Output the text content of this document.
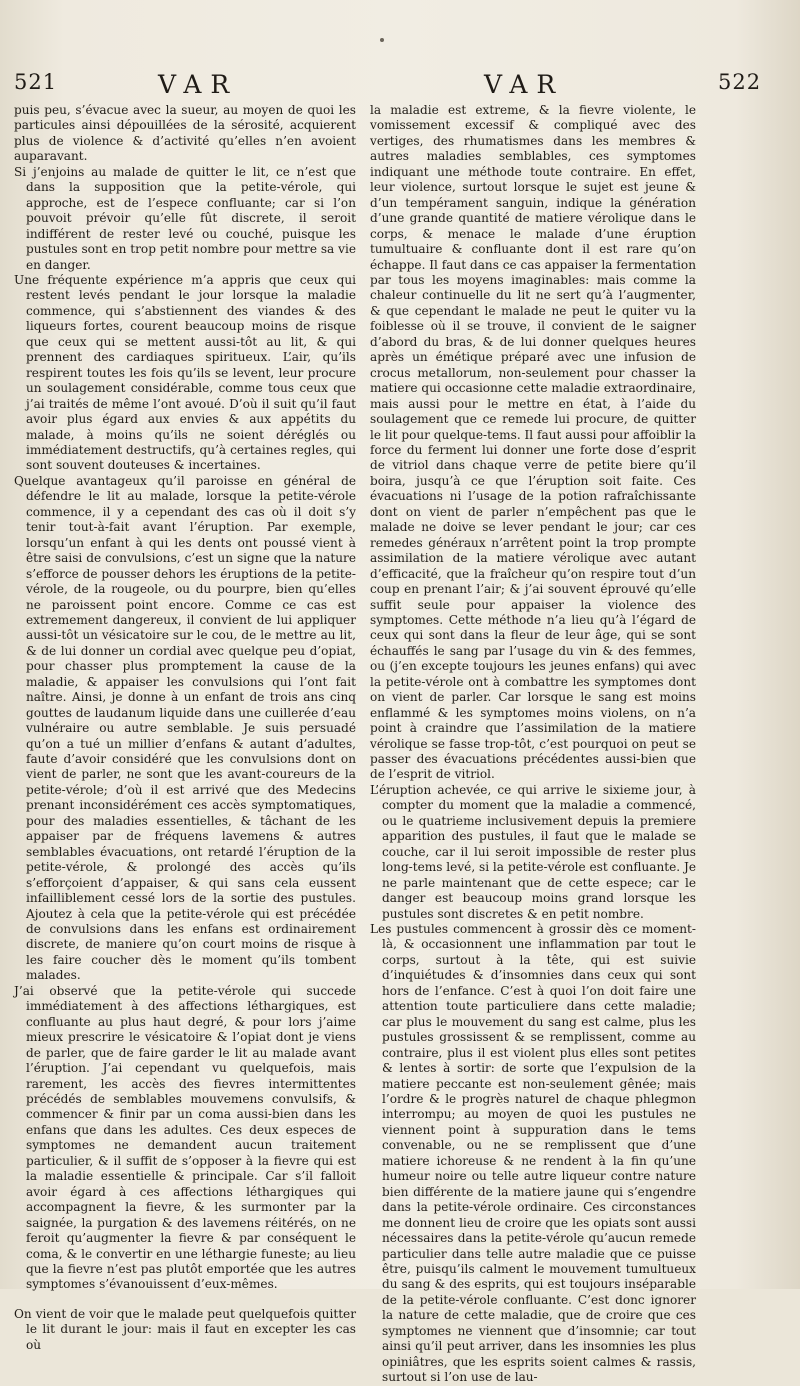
521	VAR	VAR	522

puis peu, s’évacue avec la sueur, au moyen de quoi les particules ainsi dépouillées de la sérosité, acquierent plus de violence & d’activité qu’elles n’en avoient auparavant.

Si j’enjoins au malade de quitter le lit, ce n’est que dans la supposition que la petite-vérole, qui approche, est de l’espece confluante; car si l’on pouvoit prévoir qu’elle fût discrete, il seroit indifférent de rester levé ou couché, puisque les pustules sont en trop petit nombre pour mettre sa vie en danger.

Une fréquente expérience m’a appris que ceux qui restent levés pendant le jour lorsque la maladie commence, qui s’abstiennent des viandes & des liqueurs fortes, courent beaucoup moins de risque que ceux qui se mettent aussi-tôt au lit, & qui prennent des cardiaques spiritueux. L’air, qu’ils respirent toutes les fois qu’ils se levent, leur procure un soulagement considérable, comme tous ceux que j’ai traités de même l’ont avoué. D’où il suit qu’il faut avoir plus égard aux envies & aux appétits du malade, à moins qu’ils ne soient déréglés ou immédiatement destructifs, qu’à certaines regles, qui sont souvent douteuses & incertaines.

Quelque avantageux qu’il paroisse en général de défendre le lit au malade, lorsque la petite-vérole commence, il y a cependant des cas où il doit s’y tenir tout-à-fait avant l’éruption. Par exemple, lorsqu’un enfant à qui les dents ont poussé vient à être saisi de convulsions, c’est un signe que la nature s’efforce de pousser dehors les éruptions de la petite-vérole, de la rougeole, ou du pourpre, bien qu’elles ne paroissent point encore. Comme ce cas est extremement dangereux, il convient de lui appliquer aussi-tôt un vésicatoire sur le cou, de le mettre au lit, & de lui donner un cordial avec quelque peu d’opiat, pour chasser plus promptement la cause de la maladie, & appaiser les convulsions qui l’ont fait naître. Ainsi, je donne à un enfant de trois ans cinq gouttes de laudanum liquide dans une cuillerée d’eau vulnéraire ou autre semblable. Je suis persuadé qu’on a tué un millier d’enfans & autant d’adultes, faute d’avoir considéré que les convulsions dont on vient de parler, ne sont que les avant-coureurs de la petite-vérole; d’où il est arrivé que des Medecins prenant inconsidérément ces accès symptomatiques, pour des maladies essentielles, & tâchant de les appaiser par de fréquens lavemens & autres semblables évacuations, ont retardé l’éruption de la petite-vérole, & prolongé des accès qu’ils s’efforçoient d’appaiser, & qui sans cela eussent infailliblement cessé lors de la sortie des pustules. Ajoutez à cela que la petite-vérole qui est précédée de convulsions dans les enfans est ordinairement discrete, de maniere qu’on court moins de risque à les faire coucher dès le moment qu’ils tombent malades.

J’ai observé que la petite-vérole qui succede immédiatement à des affections léthargiques, est confluante au plus haut degré, & pour lors j’aime mieux prescrire le vésicatoire & l’opiat dont je viens de parler, que de faire garder le lit au malade avant l’éruption. J’ai cependant vu quelquefois, mais rarement, les accès des fievres intermittentes précédés de semblables mouvemens convulsifs, & commencer & finir par un coma aussi-bien dans les enfans que dans les adultes. Ces deux especes de symptomes ne demandent aucun traitement particulier, & il suffit de s’opposer à la fievre qui est la maladie essentielle & principale. Car s’il falloit avoir égard à ces affections léthargiques qui accompagnent la fievre, & les surmonter par la saignée, la purgation & des lavemens réitérés, on ne feroit qu’augmenter la fievre & par conséquent le coma, & le convertir en une léthargie funeste; au lieu que la fievre n’est pas plutôt emportée que les autres symptomes s’évanouissent d’eux-mêmes.

On vient de voir que le malade peut quelquefois quitter le lit durant le jour: mais il faut en excepter les cas où

la maladie est extreme, & la fievre violente, le vomissement excessif & compliqué avec des vertiges, des rhumatismes dans les membres & autres maladies semblables, ces symptomes indiquant une méthode toute contraire. En effet, leur violence, surtout lorsque le sujet est jeune & d’un tempérament sanguin, indique la génération d’une grande quantité de matiere vérolique dans le corps, & menace le malade d’une éruption tumultuaire & confluante dont il est rare qu’on échappe. Il faut dans ce cas appaiser la fermentation par tous les moyens imaginables: mais comme la chaleur continuelle du lit ne sert qu’à l’augmenter, & que cependant le malade ne peut le quiter vu la foiblesse où il se trouve, il convient de le saigner d’abord du bras, & de lui donner quelques heures après un émétique préparé avec une infusion de crocus metallorum, non-seulement pour chasser la matiere qui occasionne cette maladie extraordinaire, mais aussi pour le mettre en état, à l’aide du soulagement que ce remede lui procure, de quitter le lit pour quelque-tems. Il faut aussi pour affoiblir la force du ferment lui donner une forte dose d’esprit de vitriol dans chaque verre de petite biere qu’il boira, jusqu’à ce que l’éruption soit faite. Ces évacuations ni l’usage de la potion rafraîchissante dont on vient de parler n’empêchent pas que le malade ne doive se lever pendant le jour; car ces remedes généraux n’arrêtent point la trop prompte assimilation de la matiere vérolique avec autant d’efficacité, que la fraîcheur qu’on respire tout d’un coup en prenant l’air; & j’ai souvent éprouvé qu’elle suffit seule pour appaiser la violence des symptomes. Cette méthode n’a lieu qu’à l’égard de ceux qui sont dans la fleur de leur âge, qui se sont échauffés le sang par l’usage du vin & des femmes, ou (j’en excepte toujours les jeunes enfans) qui avec la petite-vérole ont à combattre les symptomes dont on vient de parler. Car lorsque le sang est moins enflammé & les symptomes moins violens, on n’a point à craindre que l’assimilation de la matiere vérolique se fasse trop-tôt, c’est pourquoi on peut se passer des évacuations précédentes aussi-bien que de l’esprit de vitriol.

L’éruption achevée, ce qui arrive le sixieme jour, à compter du moment que la maladie a commencé, ou le quatrieme inclusivement depuis la premiere apparition des pustules, il faut que le malade se couche, car il lui seroit impossible de rester plus long-tems levé, si la petite-vérole est confluante. Je ne parle maintenant que de cette espece; car le danger est beaucoup moins grand lorsque les pustules sont discretes & en petit nombre.

Les pustules commencent à grossir dès ce moment-là, & occasionnent une inflammation par tout le corps, surtout à la tête, qui est suivie d’inquiétudes & d’insomnies dans ceux qui sont hors de l’enfance. C’est à quoi l’on doit faire une attention toute particuliere dans cette maladie; car plus le mouvement du sang est calme, plus les pustules grossissent & se remplissent, comme au contraire, plus il est violent plus elles sont petites & lentes à sortir: de sorte que l’expulsion de la matiere peccante est non-seulement gênée; mais l’ordre & le progrès naturel de chaque phlegmon interrompu; au moyen de quoi les pustules ne viennent point à suppuration dans le tems convenable, ou ne se remplissent que d’une matiere ichoreuse & ne rendent à la fin qu’une humeur noire ou telle autre liqueur contre nature bien différente de la matiere jaune qui s’engendre dans la petite-vérole ordinaire. Ces circonstances me donnent lieu de croire que les opiats sont aussi nécessaires dans la petite-vérole qu’aucun remede particulier dans telle autre maladie que ce puisse être, puisqu’ils calment le mouvement tumultueux du sang & des esprits, qui est toujours inséparable de la petite-vérole confluante. C’est donc ignorer la nature de cette maladie, que de croire que ces symptomes ne viennent que d’insomnie; car tout ainsi qu’il peut arriver, dans les insomnies les plus opiniâtres, que les esprits soient calmes & rassis, surtout si l’on use de lau-
